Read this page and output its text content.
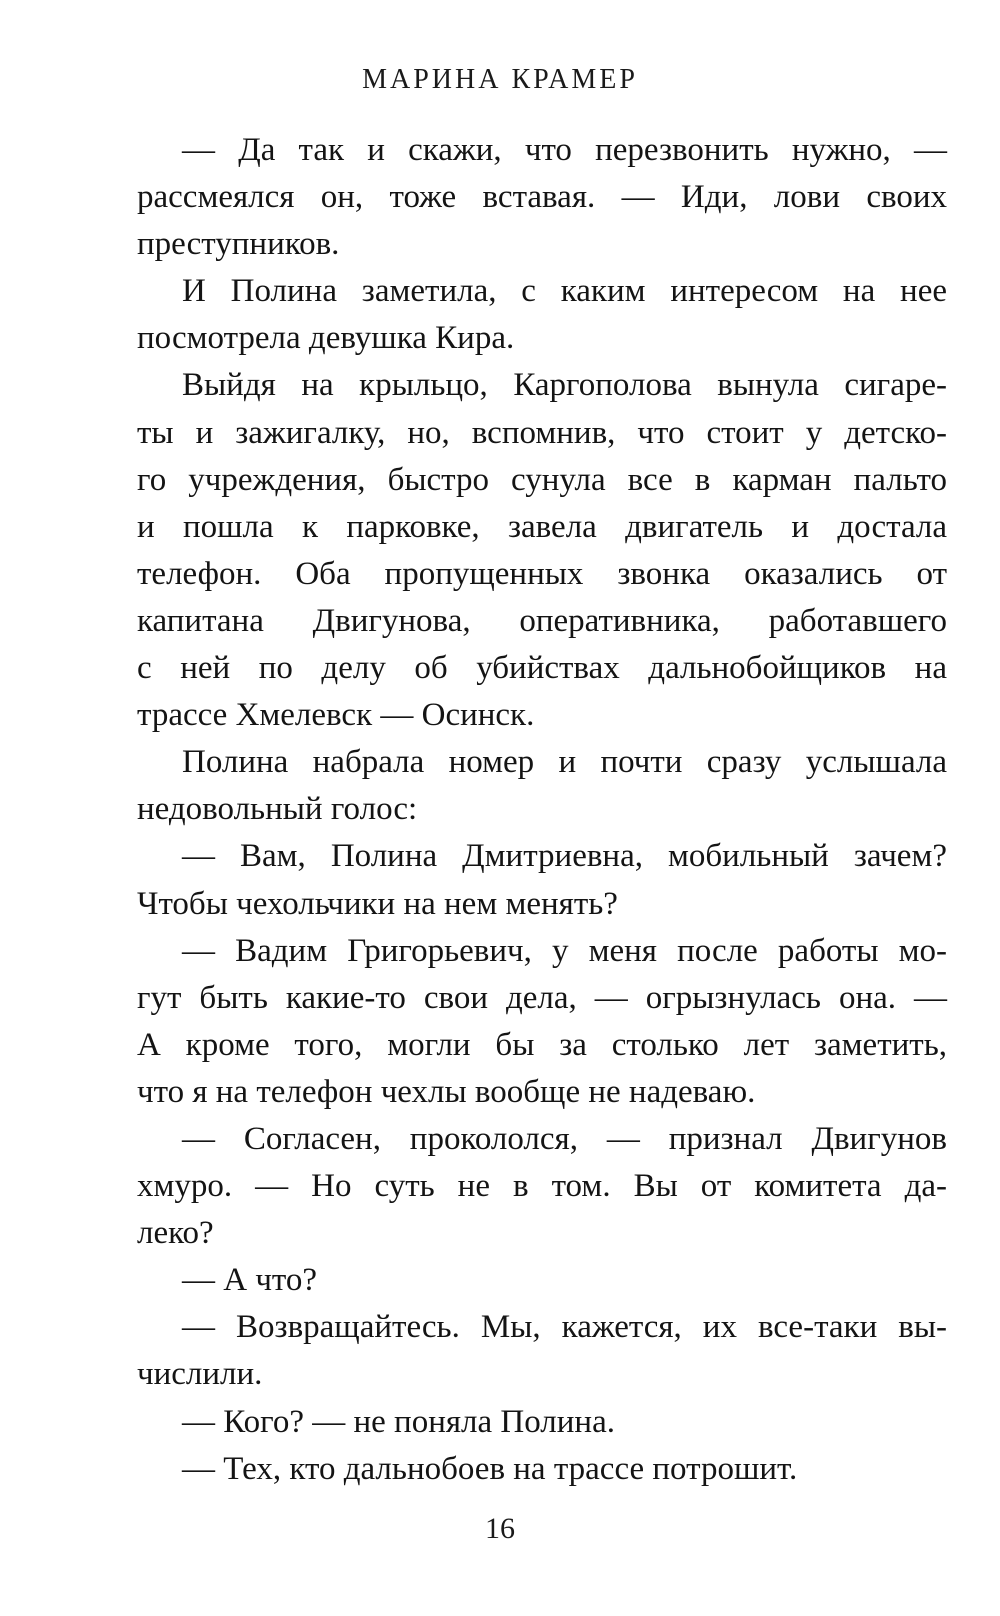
МАРИНА КРАМЕР
— Да так и скажи, что перезвонить нужно, —
рассмеялся он, тоже вставая. — Иди, лови своих
преступников.
И Полина заметила, с каким интересом на нее
посмотрела девушка Кира.
Выйдя на крыльцо, Каргополова вынула сигаре-
ты и зажигалку, но, вспомнив, что стоит у детско-
го учреждения, быстро сунула все в карман пальто
и пошла к парковке, завела двигатель и достала
телефон. Оба пропущенных звонка оказались от
капитана Двигунова, оперативника, работавшего
с ней по делу об убийствах дальнобойщиков на
трассе Хмелевск — Осинск.
Полина набрала номер и почти сразу услышала
недовольный голос:
— Вам, Полина Дмитриевна, мобильный зачем?
Чтобы чехольчики на нем менять?
— Вадим Григорьевич, у меня после работы мо-
гут быть какие-то свои дела, — огрызнулась она. —
А кроме того, могли бы за столько лет заметить,
что я на телефон чехлы вообще не надеваю.
— Согласен, прокололся, — признал Двигунов
хмуро. — Но суть не в том. Вы от комитета да-
леко?
— А что?
— Возвращайтесь. Мы, кажется, их все-таки вы-
числили.
— Кого? — не поняла Полина.
— Тех, кто дальнобоев на трассе потрошит.
16
